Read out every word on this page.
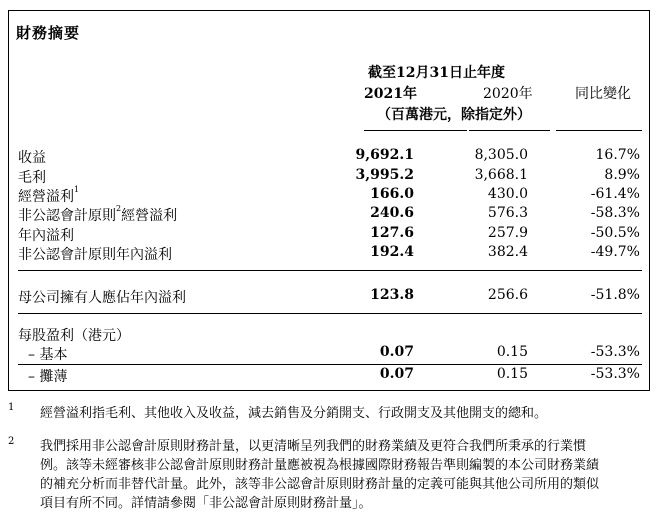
財務摘要
截至12月31日止年度
2021年	2020年	同比變化
（百萬港元，除指定外）
收益	9,692.1	8,305.0	16.7%
毛利	3,995.2	3,668.1	8.9%
經營溢利$^1$	166.0	430.0	-61.4%
非公認會計原則$^2$經營溢利	240.6	576.3	-58.3%
年內溢利	127.6	257.9	-50.5%
非公認會計原則年內溢利	192.4	382.4	-49.7%
母公司擁有人應佔年內溢利	123.8	256.6	-51.8%
每股盈利（港元）
– 基本	0.07	0.15	-53.3%
– 攤薄	0.07	0.15	-53.3%
1 經營溢利指毛利、其他收入及收益，減去銷售及分銷開支、行政開支及其他開支的總和。
2 我們採用非公認會計原則財務計量，以更清晰呈列我們的財務業績及更符合我們所秉承的行業慣
例。該等未經審核非公認會計原則財務計量應被視為根據國際財務報告準則編製的本公司財務業績
的補充分析而非替代計量。此外，該等非公認會計原則財務計量的定義可能與其他公司所用的類似
項目有所不同。詳情請參閱「非公認會計原則財務計量」。
